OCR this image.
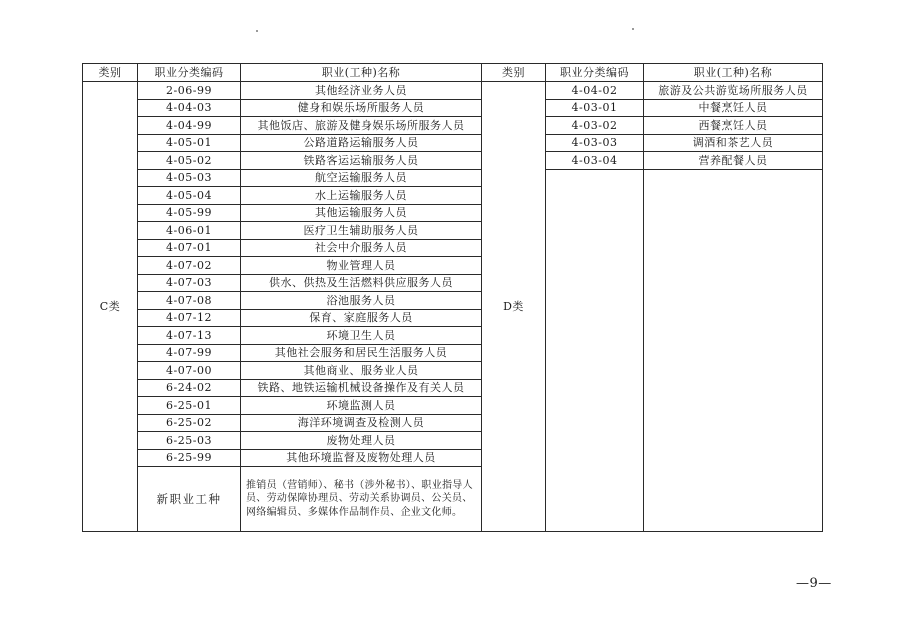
类别	职业分类编码	职业(工种)名称	类别	职业分类编码	职业(工种)名称
C类	2-06-99	其他经济业务人员	D类	4-04-02	旅游及公共游览场所服务人员
	4-04-03	健身和娱乐场所服务人员		4-03-01	中餐烹饪人员
	4-04-99	其他饭店、旅游及健身娱乐场所服务人员		4-03-02	西餐烹饪人员
	4-05-01	公路道路运输服务人员		4-03-03	调酒和茶艺人员
	4-05-02	铁路客运运输服务人员		4-03-04	营养配餐人员
	4-05-03	航空运输服务人员			
	4-05-04	水上运输服务人员			
	4-05-99	其他运输服务人员			
	4-06-01	医疗卫生辅助服务人员			
	4-07-01	社会中介服务人员			
	4-07-02	物业管理人员			
	4-07-03	供水、供热及生活燃料供应服务人员			
	4-07-08	浴池服务人员			
	4-07-12	保育、家庭服务人员			
	4-07-13	环境卫生人员			
	4-07-99	其他社会服务和居民生活服务人员			
	4-07-00	其他商业、服务业人员			
	6-24-02	铁路、地铁运输机械设备操作及有关人员			
	6-25-01	环境监测人员			
	6-25-02	海洋环境调查及检测人员			
	6-25-03	废物处理人员			
	6-25-99	其他环境监督及废物处理人员			
	新职业工种	推销员（营销师）、秘书（涉外秘书）、职业指导人员、劳动保障协理员、劳动关系协调员、公关员、网络编辑员、多媒体作品制作员、企业文化师。			
—9—
